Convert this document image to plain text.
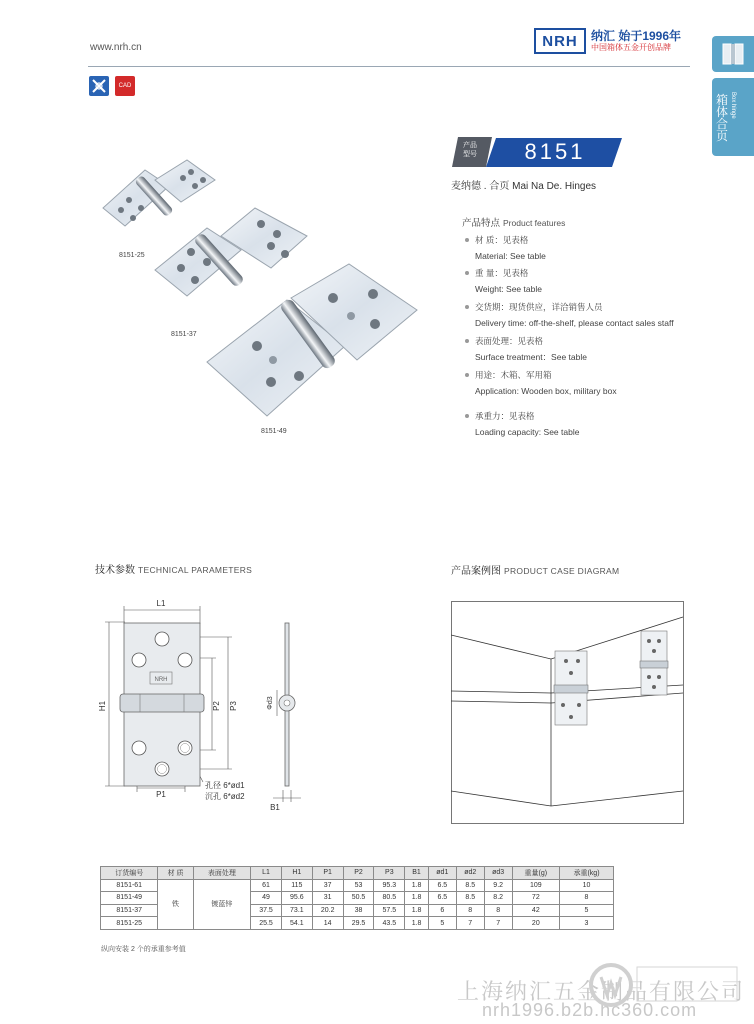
www.nrh.cn	NRH	纳汇 始于1996年
中国箱体五金开创品牌
箱体合页
Box hinge
CAD
8151-25
8151-37
8151-49
产品型号	8151
麦纳德 . 合页 Mai Na De. Hinges
产品特点 Product features
材 质：见表格
Material: See table
重 量：见表格
Weight: See table
交货期：现货供应，详洽销售人员
Delivery time: off-the-shelf, please contact sales staff
表面处理：见表格
Surface treatment：See table
用途：木箱、军用箱
Application: Wooden box, military box
承重力：见表格
Loading capacity: See table
技术参数 TECHNICAL PARAMETERS	产品案例图 PRODUCT CASE DIAGRAM
L1
H1	P2 P3
P1
B1
Φd3
NRH
孔径 6*ød1
沉孔 6*ød2
订货编号	材 质	表面处理	L1	H1	P1	P2	P3	B1	ød1	ød2	ød3	重量(g)	承重(kg)
8151-61	铁	镀蓝锌	61	115	37	53	95.3	1.8	6.5	8.5	9.2	109	10
8151-49			49	95.6	31	50.5	80.5	1.8	6.5	8.5	8.2	72	8
8151-37			37.5	73.1	20.2	38	57.5	1.8	6	8	8	42	5
8151-25			25.5	54.1	14	29.5	43.5	1.8	5	7	7	20	3
纵向安装 2 个的承重参考值
上海纳汇五金制品有限公司
nrh1996.b2b.hc360.com
